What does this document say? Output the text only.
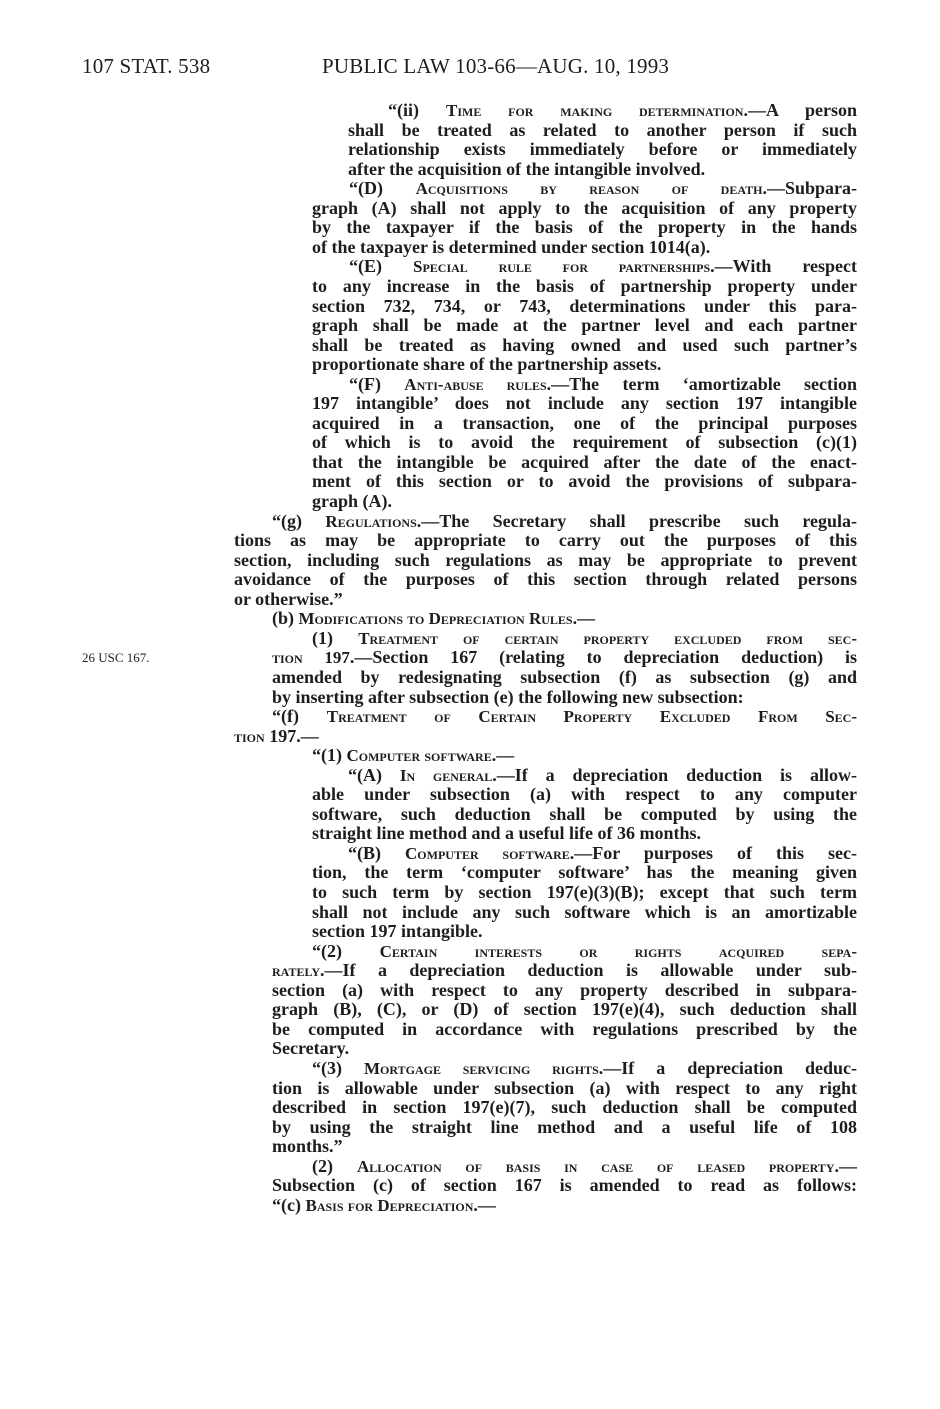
107 STAT. 538	PUBLIC LAW 103-66—AUG. 10, 1993
26 USC 167.
“(ii) Time for making determination.—A person
shall be treated as related to another person if such
relationship exists immediately before or immediately
after the acquisition of the intangible involved.
“(D) Acquisitions by reason of death.—Subpara-
graph (A) shall not apply to the acquisition of any property
by the taxpayer if the basis of the property in the hands
of the taxpayer is determined under section 1014(a).
“(E) Special rule for partnerships.—With respect
to any increase in the basis of partnership property under
section 732, 734, or 743, determinations under this para-
graph shall be made at the partner level and each partner
shall be treated as having owned and used such partner’s
proportionate share of the partnership assets.
“(F) Anti-abuse rules.—The term ‘amortizable section
197 intangible’ does not include any section 197 intangible
acquired in a transaction, one of the principal purposes
of which is to avoid the requirement of subsection (c)(1)
that the intangible be acquired after the date of the enact-
ment of this section or to avoid the provisions of subpara-
graph (A).
“(g) Regulations.—The Secretary shall prescribe such regula-
tions as may be appropriate to carry out the purposes of this
section, including such regulations as may be appropriate to prevent
avoidance of the purposes of this section through related persons
or otherwise.”
(b) Modifications to Depreciation Rules.—
(1) Treatment of certain property excluded from sec-
tion 197.—Section 167 (relating to depreciation deduction) is
amended by redesignating subsection (f) as subsection (g) and
by inserting after subsection (e) the following new subsection:
“(f) Treatment of Certain Property Excluded From Sec-
tion 197.—
“(1) Computer software.—
“(A) In general.—If a depreciation deduction is allow-
able under subsection (a) with respect to any computer
software, such deduction shall be computed by using the
straight line method and a useful life of 36 months.
“(B) Computer software.—For purposes of this sec-
tion, the term ‘computer software’ has the meaning given
to such term by section 197(e)(3)(B); except that such term
shall not include any such software which is an amortizable
section 197 intangible.
“(2) Certain interests or rights acquired sepa-
rately.—If a depreciation deduction is allowable under sub-
section (a) with respect to any property described in subpara-
graph (B), (C), or (D) of section 197(e)(4), such deduction shall
be computed in accordance with regulations prescribed by the
Secretary.
“(3) Mortgage servicing rights.—If a depreciation deduc-
tion is allowable under subsection (a) with respect to any right
described in section 197(e)(7), such deduction shall be computed
by using the straight line method and a useful life of 108
months.”
(2) Allocation of basis in case of leased property.—
Subsection (c) of section 167 is amended to read as follows:
“(c) Basis for Depreciation.—
